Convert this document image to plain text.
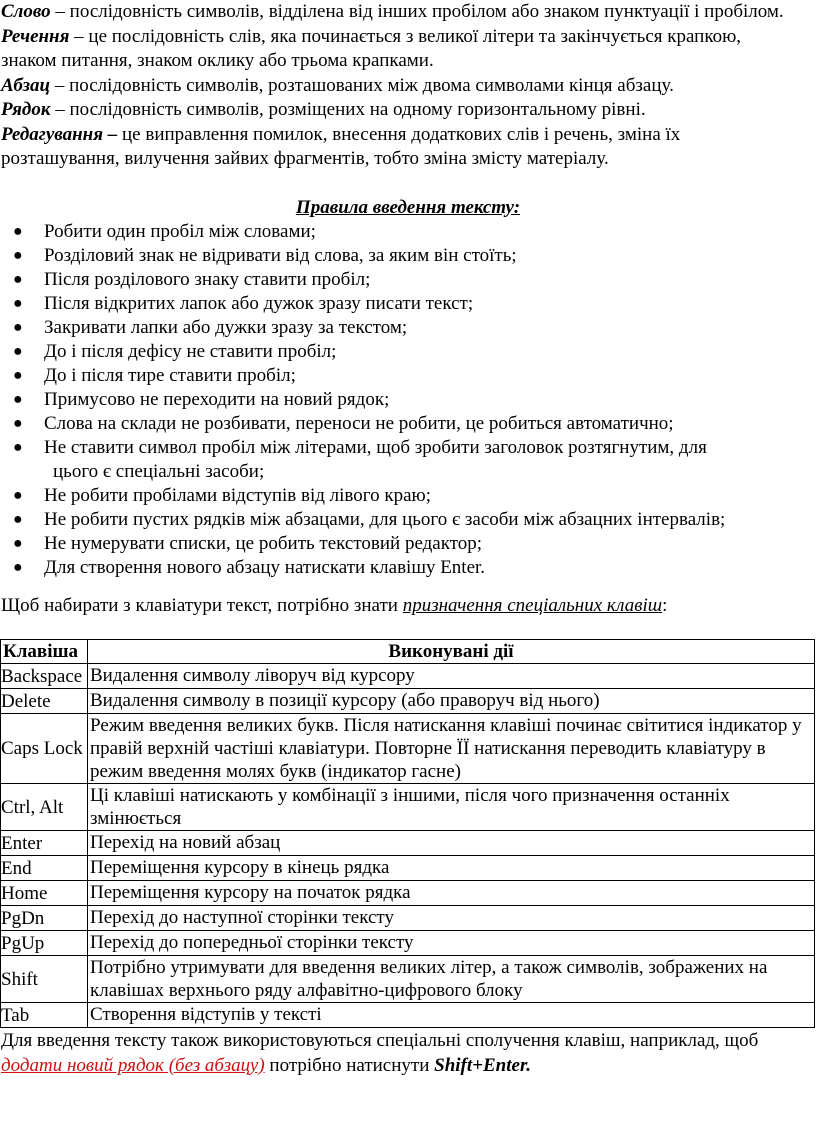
Слово – послідовність символів, відділена від інших пробілом або знаком пунктуації і пробілом.

Речення – це послідовність слів, яка починається з великої літери та закінчується крапкою, знаком питання, знаком оклику або трьома крапками.

Абзац – послідовність символів, розташованих між двома символами кінця абзацу.

Рядок – послідовність символів, розміщених на одному горизонтальному рівні.

Редагування – це виправлення помилок, внесення додаткових слів і речень, зміна їх розташування, вилучення зайвих фрагментів, тобто зміна змісту матеріалу.

Правила введення тексту:

● Робити один пробіл між словами;
● Розділовий знак не відривати від слова, за яким він стоїть;
● Після розділового знаку ставити пробіл;
● Після відкритих лапок або дужок зразу писати текст;
● Закривати лапки або дужки зразу за текстом;
● До і після дефісу не ставити пробіл;
● До і після тире ставити пробіл;
● Примусово не переходити на новий рядок;
● Слова на склади не розбивати, переноси не робити, це робиться автоматично;
● Не ставити символ пробіл між літерами, щоб зробити заголовок розтягнутим, для
цього є спеціальні засоби;
● Не робити пробілами відступів від лівого краю;
● Не робити пустих рядків між абзацами, для цього є засоби між абзацних інтервалів;
● Не нумерувати списки, це робить текстовий редактор;
● Для створення нового абзацу натискати клавішу Enter.

Щоб набирати з клавіатури текст, потрібно знати призначення спеціальних клавіш:

Клавіша	Виконувані дії
Backspace	Видалення символу ліворуч від курсору
Delete	Видалення символу в позиції курсору (або праворуч від нього)
Caps Lock	Режим введення великих букв. Після натискання клавіші починає світитися індикатор у правій верхній частіші клавіатури. Повторне ЇЇ натискання переводить клавіатуру в режим введення молях букв (індикатор гасне)
Ctrl, Alt	Ці клавіші натискають у комбінації з іншими, після чого призначення останніх змінюється
Enter	Перехід на новий абзац
End	Переміщення курсору в кінець рядка
Home	Переміщення курсору на початок рядка
PgDn	Перехід до наступної сторінки тексту
PgUp	Перехід до попередньої сторінки тексту
Shift	Потрібно утримувати для введення великих літер, а також символів, зображених на клавішах верхнього ряду алфавітно-цифрового блоку
Tab	Створення відступів у тексті

Для введення тексту також використовуються спеціальні сполучення клавіш, наприклад, щоб додати новий рядок (без абзацу) потрібно натиснути Shift+Enter.
